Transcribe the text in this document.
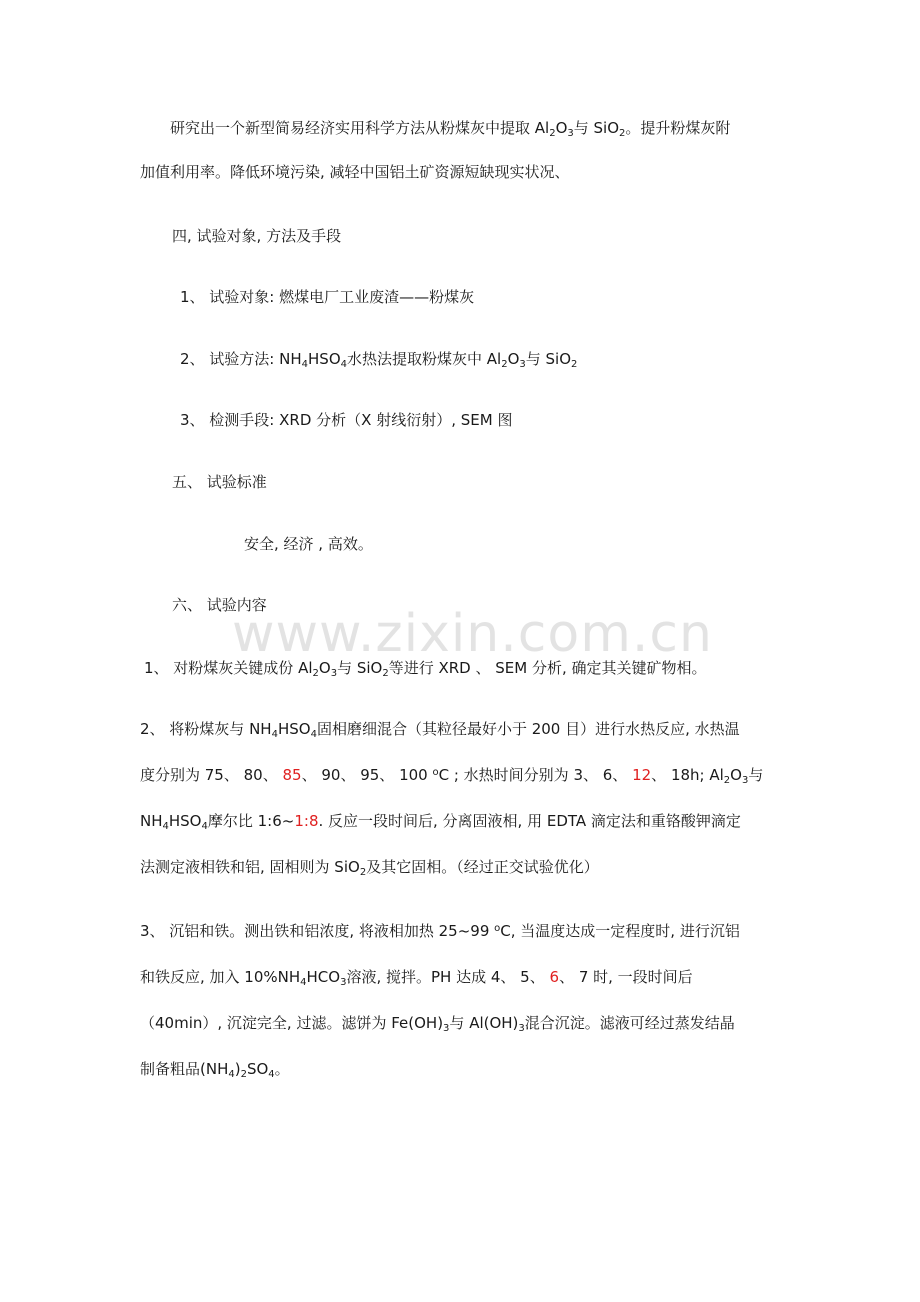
www.zixin.com.cn
研究出一个新型简易经济实用科学方法从粉煤灰中提取 $Al_2O_3$与 SiO$_2$。提升粉煤灰附
加值利用率。降低环境污染, 减轻中国铝土矿资源短缺现实状况、
四, 试验对象, 方法及手段
1、 试验对象: 燃煤电厂工业废渣——粉煤灰
2、 试验方法: $NH_4HSO_4$水热法提取粉煤灰中 $Al_2O_3$与 SiO$_2$
3、 检测手段: XRD 分析（X 射线衍射）, SEM 图
五、 试验标准
安全, 经济 , 高效。
六、 试验内容
1、 对粉煤灰关键成份 $Al_2O_3$与 SiO$_2$等进行 XRD 、 SEM 分析, 确定其关键矿物相。
2、 将粉煤灰与 $NH_4HSO_4$固相磨细混合（其粒径最好小于 200 目）进行水热反应, 水热温
度分别为 75、 80、 85、 90、 95、 100 $^o$C ; 水热时间分别为 3、 6、 12、 18h; $Al_2O_3$与
$NH_4HSO_4$摩尔比 1:6~1:8. 反应一段时间后, 分离固液相, 用 EDTA 滴定法和重铬酸钾滴定
法测定液相铁和铝, 固相则为 SiO$_2$及其它固相。（经过正交试验优化）
3、 沉铝和铁。测出铁和铝浓度, 将液相加热 25~99 $^o$C, 当温度达成一定程度时, 进行沉铝
和铁反应, 加入 $10\%NH_4HCO_3$溶液, 搅拌。PH 达成 4、 5、 6、 7 时, 一段时间后
（40min）, 沉淀完全, 过滤。滤饼为 $Fe(OH)_3$与 $Al(OH)_3$混合沉淀。滤液可经过蒸发结晶
制备粗品$(NH_4)_2SO_4$。
